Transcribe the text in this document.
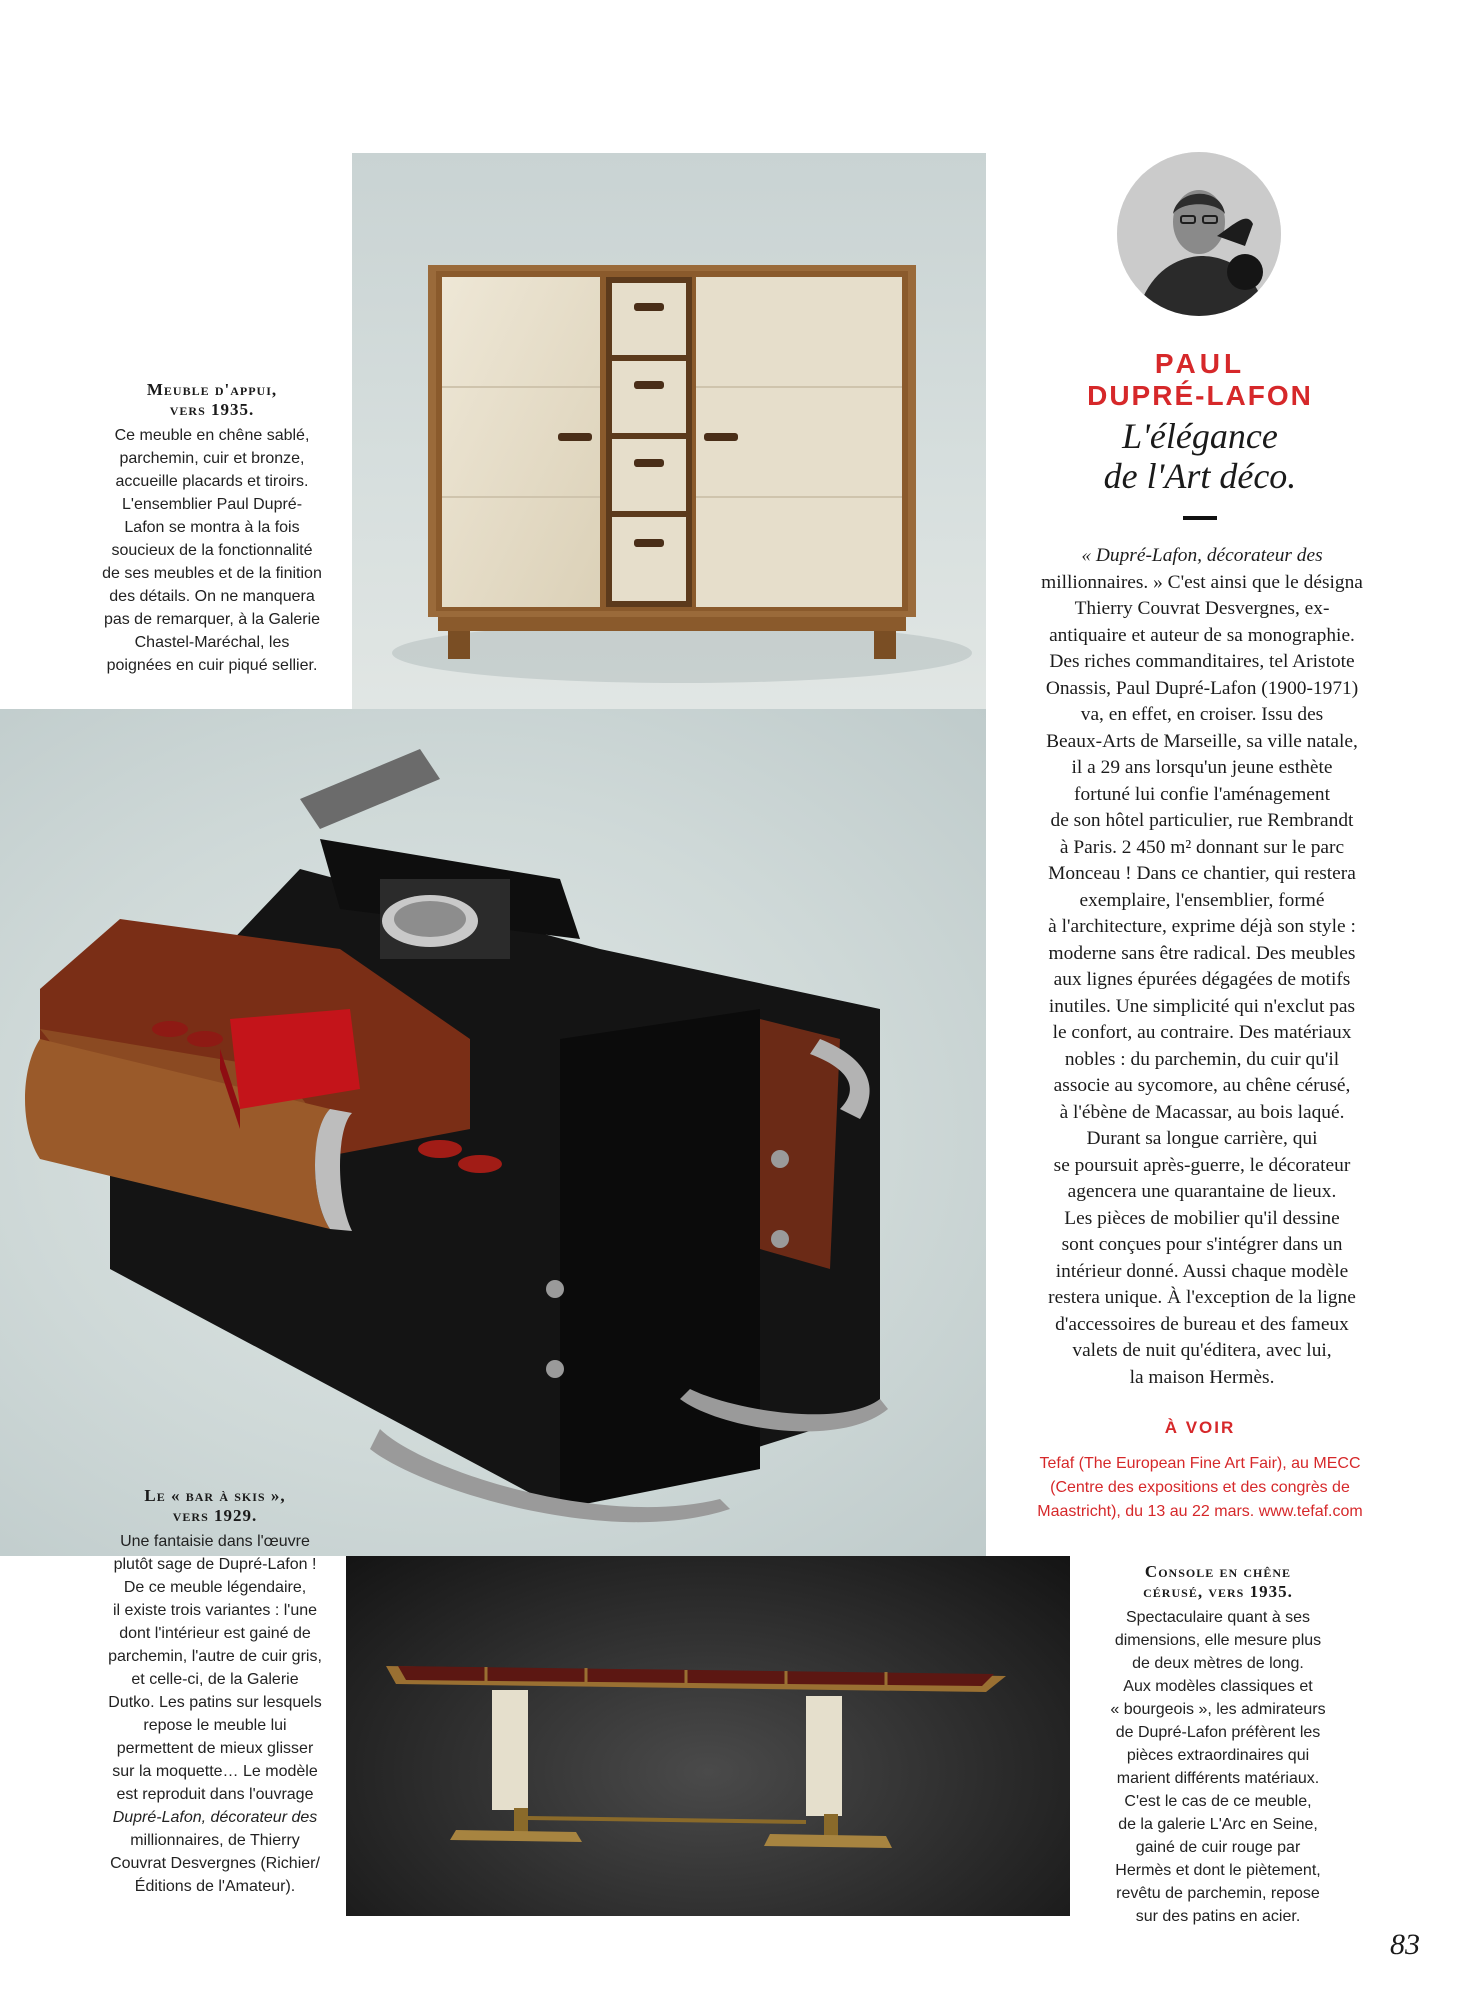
Meuble d'appui,
vers 1935.
Ce meuble en chêne sablé,
parchemin, cuir et bronze,
accueille placards et tiroirs.
L'ensemblier Paul Dupré-
Lafon se montra à la fois
soucieux de la fonctionnalité
de ses meubles et de la finition
des détails. On ne manquera
pas de remarquer, à la Galerie
Chastel-Maréchal, les
poignées en cuir piqué sellier.
Le « bar à skis »,
vers 1929.
Une fantaisie dans l'œuvre
plutôt sage de Dupré-Lafon !
De ce meuble légendaire,
il existe trois variantes : l'une
dont l'intérieur est gainé de
parchemin, l'autre de cuir gris,
et celle-ci, de la Galerie
Dutko. Les patins sur lesquels
repose le meuble lui
permettent de mieux glisser
sur la moquette… Le modèle
est reproduit dans l'ouvrage
Dupré-Lafon, décorateur des
millionnaires, de Thierry
Couvrat Desvergnes (Richier/
Éditions de l'Amateur).
Console en chêne
cérusé, vers 1935.
Spectaculaire quant à ses
dimensions, elle mesure plus
de deux mètres de long.
Aux modèles classiques et
« bourgeois », les admirateurs
de Dupré-Lafon préfèrent les
pièces extraordinaires qui
marient différents matériaux.
C'est le cas de ce meuble,
de la galerie L'Arc en Seine,
gainé de cuir rouge par
Hermès et dont le piètement,
revêtu de parchemin, repose
sur des patins en acier.
PAUL
DUPRÉ-LAFON
L'élégance
de l'Art déco.
« Dupré-Lafon, décorateur des
millionnaires. » C'est ainsi que le désigna
Thierry Couvrat Desvergnes, ex-
antiquaire et auteur de sa monographie.
Des riches commanditaires, tel Aristote
Onassis, Paul Dupré-Lafon (1900-1971)
va, en effet, en croiser. Issu des
Beaux-Arts de Marseille, sa ville natale,
il a 29 ans lorsqu'un jeune esthète
fortuné lui confie l'aménagement
de son hôtel particulier, rue Rembrandt
à Paris. 2 450 m² donnant sur le parc
Monceau ! Dans ce chantier, qui restera
exemplaire, l'ensemblier, formé
à l'architecture, exprime déjà son style :
moderne sans être radical. Des meubles
aux lignes épurées dégagées de motifs
inutiles. Une simplicité qui n'exclut pas
le confort, au contraire. Des matériaux
nobles : du parchemin, du cuir qu'il
associe au sycomore, au chêne cérusé,
à l'ébène de Macassar, au bois laqué.
Durant sa longue carrière, qui
se poursuit après-guerre, le décorateur
agencera une quarantaine de lieux.
Les pièces de mobilier qu'il dessine
sont conçues pour s'intégrer dans un
intérieur donné. Aussi chaque modèle
restera unique. À l'exception de la ligne
d'accessoires de bureau et des fameux
valets de nuit qu'éditera, avec lui,
la maison Hermès.
À VOIR
Tefaf (The European Fine Art Fair), au MECC
(Centre des expositions et des congrès de
Maastricht), du 13 au 22 mars. www.tefaf.com
83
